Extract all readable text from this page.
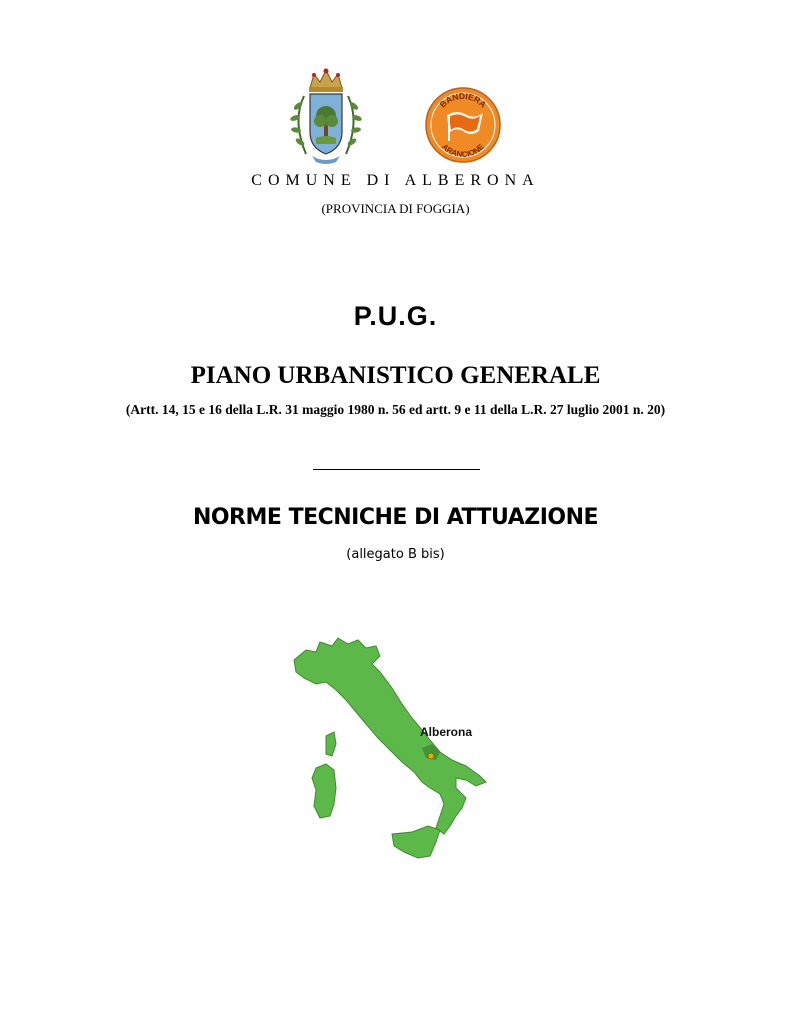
BANDIERA
ARANCIONE
COMUNE DI ALBERONA
(PROVINCIA DI FOGGIA)
P.U.G.
PIANO URBANISTICO GENERALE
(Artt. 14, 15 e 16 della L.R. 31 maggio 1980 n. 56 ed artt. 9 e 11 della L.R. 27 luglio 2001 n. 20)
NORME TECNICHE DI ATTUAZIONE
(allegato B bis)
Alberona
